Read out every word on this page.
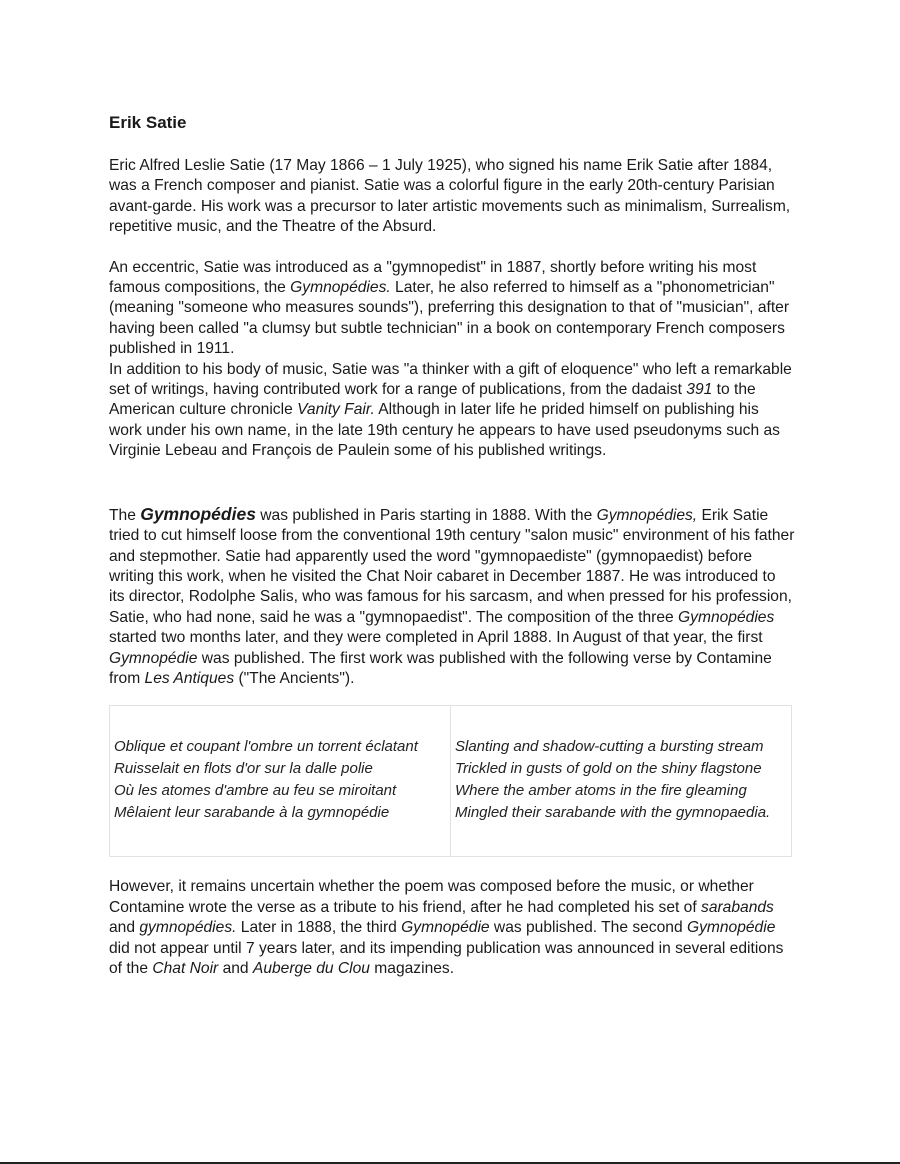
Erik Satie

Eric Alfred Leslie Satie (17 May 1866 – 1 July 1925), who signed his name Erik Satie after 1884, was a French composer and pianist. Satie was a colorful figure in the early 20th-century Parisian avant-garde. His work was a precursor to later artistic movements such as minimalism, Surrealism, repetitive music, and the Theatre of the Absurd.

An eccentric, Satie was introduced as a "gymnopedist" in 1887, shortly before writing his most famous compositions, the Gymnopédies. Later, he also referred to himself as a "phonometrician" (meaning "someone who measures sounds"), preferring this designation to that of "musician", after having been called "a clumsy but subtle technician" in a book on contemporary French composers published in 1911.

In addition to his body of music, Satie was "a thinker with a gift of eloquence" who left a remarkable set of writings, having contributed work for a range of publications, from the dadaist 391 to the American culture chronicle Vanity Fair. Although in later life he prided himself on publishing his work under his own name, in the late 19th century he appears to have used pseudonyms such as Virginie Lebeau and François de Paulein some of his published writings.

The Gymnopédies was published in Paris starting in 1888. With the Gymnopédies, Erik Satie tried to cut himself loose from the conventional 19th century "salon music" environment of his father and stepmother. Satie had apparently used the word "gymnopaediste" (gymnopaedist) before writing this work, when he visited the Chat Noir cabaret in December 1887. He was introduced to its director, Rodolphe Salis, who was famous for his sarcasm, and when pressed for his profession, Satie, who had none, said he was a "gymnopaedist". The composition of the three Gymnopédies started two months later, and they were completed in April 1888. In August of that year, the first Gymnopédie was published. The first work was published with the following verse by Contamine from Les Antiques ("The Ancients").

Oblique et coupant l'ombre un torrent éclatant
Ruisselait en flots d'or sur la dalle polie
Où les atomes d'ambre au feu se miroitant
Mêlaient leur sarabande à la gymnopédie

Slanting and shadow-cutting a bursting stream
Trickled in gusts of gold on the shiny flagstone
Where the amber atoms in the fire gleaming
Mingled their sarabande with the gymnopaedia.

However, it remains uncertain whether the poem was composed before the music, or whether Contamine wrote the verse as a tribute to his friend, after he had completed his set of sarabands and gymnopédies. Later in 1888, the third Gymnopédie was published. The second Gymnopédie did not appear until 7 years later, and its impending publication was announced in several editions of the Chat Noir and Auberge du Clou magazines.
